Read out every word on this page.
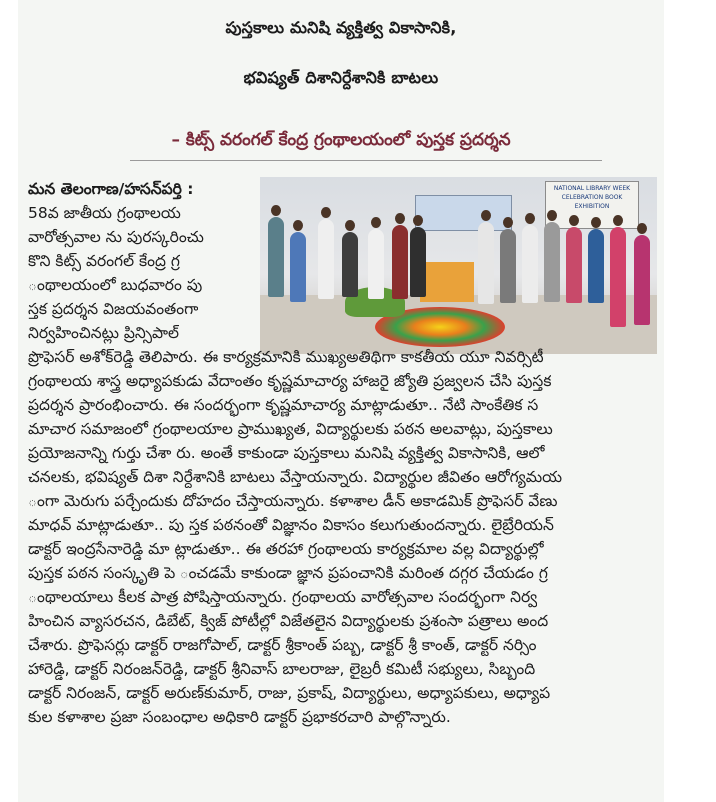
పుస్తకాలు మనిషి వ్యక్తిత్వ వికాసానికి,
భవిష్యత్ దిశానిర్దేశానికి బాటలు
– కిట్స్ వరంగల్ కేంద్ర గ్రంథాలయంలో పుస్తక ప్రదర్శన
మన తెలంగాణ/హసన్‌పర్తి :
58వ జాతీయ గ్రంథాలయ
వారోత్సవాల ను పురస్కరించు
కొని కిట్స్ వరంగల్ కేంద్ర గ్ర
ంథాలయంలో బుధవారం పు
స్తక ప్రదర్శన విజయవంతంగా
నిర్వహించినట్లు ప్రిన్సిపాల్
NATIONAL LIBRARY WEEK CELEBRATION BOOK EXHIBITION
ప్రొఫెసర్ అశోక్‌రెడ్డి తెలిపారు. ఈ కార్యక్రమానికి ముఖ్యఅతిథిగా కాకతీయ యూ నివర్సిటీ
గ్రంథాలయ శాస్త్ర అధ్యాపకుడు వేదాంతం కృష్ణమాచార్య హాజరై జ్యోతి ప్రజ్వలన చేసి పుస్తక
ప్రదర్శన ప్రారంభించారు. ఈ సందర్భంగా కృష్ణమాచార్య మాట్లాడుతూ.. నేటి సాంకేతిక స
మాచార సమాజంలో గ్రంథాలయాల ప్రాముఖ్యత, విద్యార్థులకు పఠన అలవాట్లు, పుస్తకాలు
ప్రయోజనాన్ని గుర్తు చేశా రు. అంతే కాకుండా పుస్తకాలు మనిషి వ్యక్తిత్వ వికాసానికి, ఆలో
చనలకు, భవిష్యత్ దిశా నిర్దేశానికి బాటలు వేస్తాయన్నారు. విద్యార్థుల జీవితం ఆరోగ్యమయ
ంగా మెరుగు పర్చేందుకు దోహదం చేస్తాయన్నారు. కళాశాల డీన్ అకాడమిక్ ప్రొఫెసర్ వేణు
మాధవ్ మాట్లాడుతూ.. పు స్తక పఠనంతో విజ్ఞానం వికాసం కలుగుతుందన్నారు. లైబ్రేరియన్
డాక్టర్ ఇంద్రసేనారెడ్డి మా ట్లాడుతూ.. ఈ తరహా గ్రంథాలయ కార్యక్రమాల వల్ల విద్యార్థుల్లో
పుస్తక పఠన సంస్కృతి పె ంచడమే కాకుండా జ్ఞాన ప్రపంచానికి మరింత దగ్గర చేయడం గ్ర
ంథాలయాలు కీలక పాత్ర పోషిస్తాయన్నారు. గ్రంథాలయ వారోత్సవాల సందర్భంగా నిర్వ
హించిన వ్యాసరచన, డిబేట్, క్విజ్ పోటీల్లో విజేతలైన విద్యార్థులకు ప్రశంసా పత్రాలు అంద
చేశారు. ప్రొఫెసర్లు డాక్టర్ రాజగోపాల్, డాక్టర్ శ్రీకాంత్ పబ్బ, డాక్టర్ శ్రీ కాంత్, డాక్టర్ నర్సిం
హారెడ్డి, డాక్టర్ నిరంజన్‌రెడ్డి, డాక్టర్ శ్రీనివాస్ బాలరాజు, లైబ్రరీ కమిటీ సభ్యులు, సిబ్బంది
డాక్టర్ నిరంజన్, డాక్టర్ అరుణ్‌కుమార్, రాజు, ప్రకాష్, విద్యార్థులు, అధ్యాపకులు, అధ్యాప
కుల కళాశాల ప్రజా సంబంధాల అధికారి డాక్టర్ ప్రభాకరచారి పాల్గొన్నారు.
